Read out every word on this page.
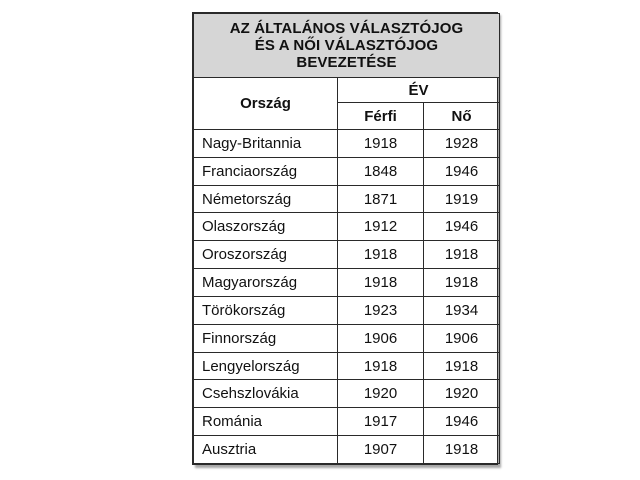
AZ ÁLTALÁNOS VÁLASZTÓJOG
ÉS A NŐI VÁLASZTÓJOG
BEVEZETÉSE		

Ország	ÉV	
	Férfi	Nő
Nagy-Britannia	1918	1928
Franciaország	1848	1946
Németország	1871	1919
Olaszország	1912	1946
Oroszország	1918	1918
Magyarország	1918	1918
Törökország	1923	1934
Finnország	1906	1906
Lengyelország	1918	1918
Csehszlovákia	1920	1920
Románia	1917	1946
Ausztria	1907	1918
